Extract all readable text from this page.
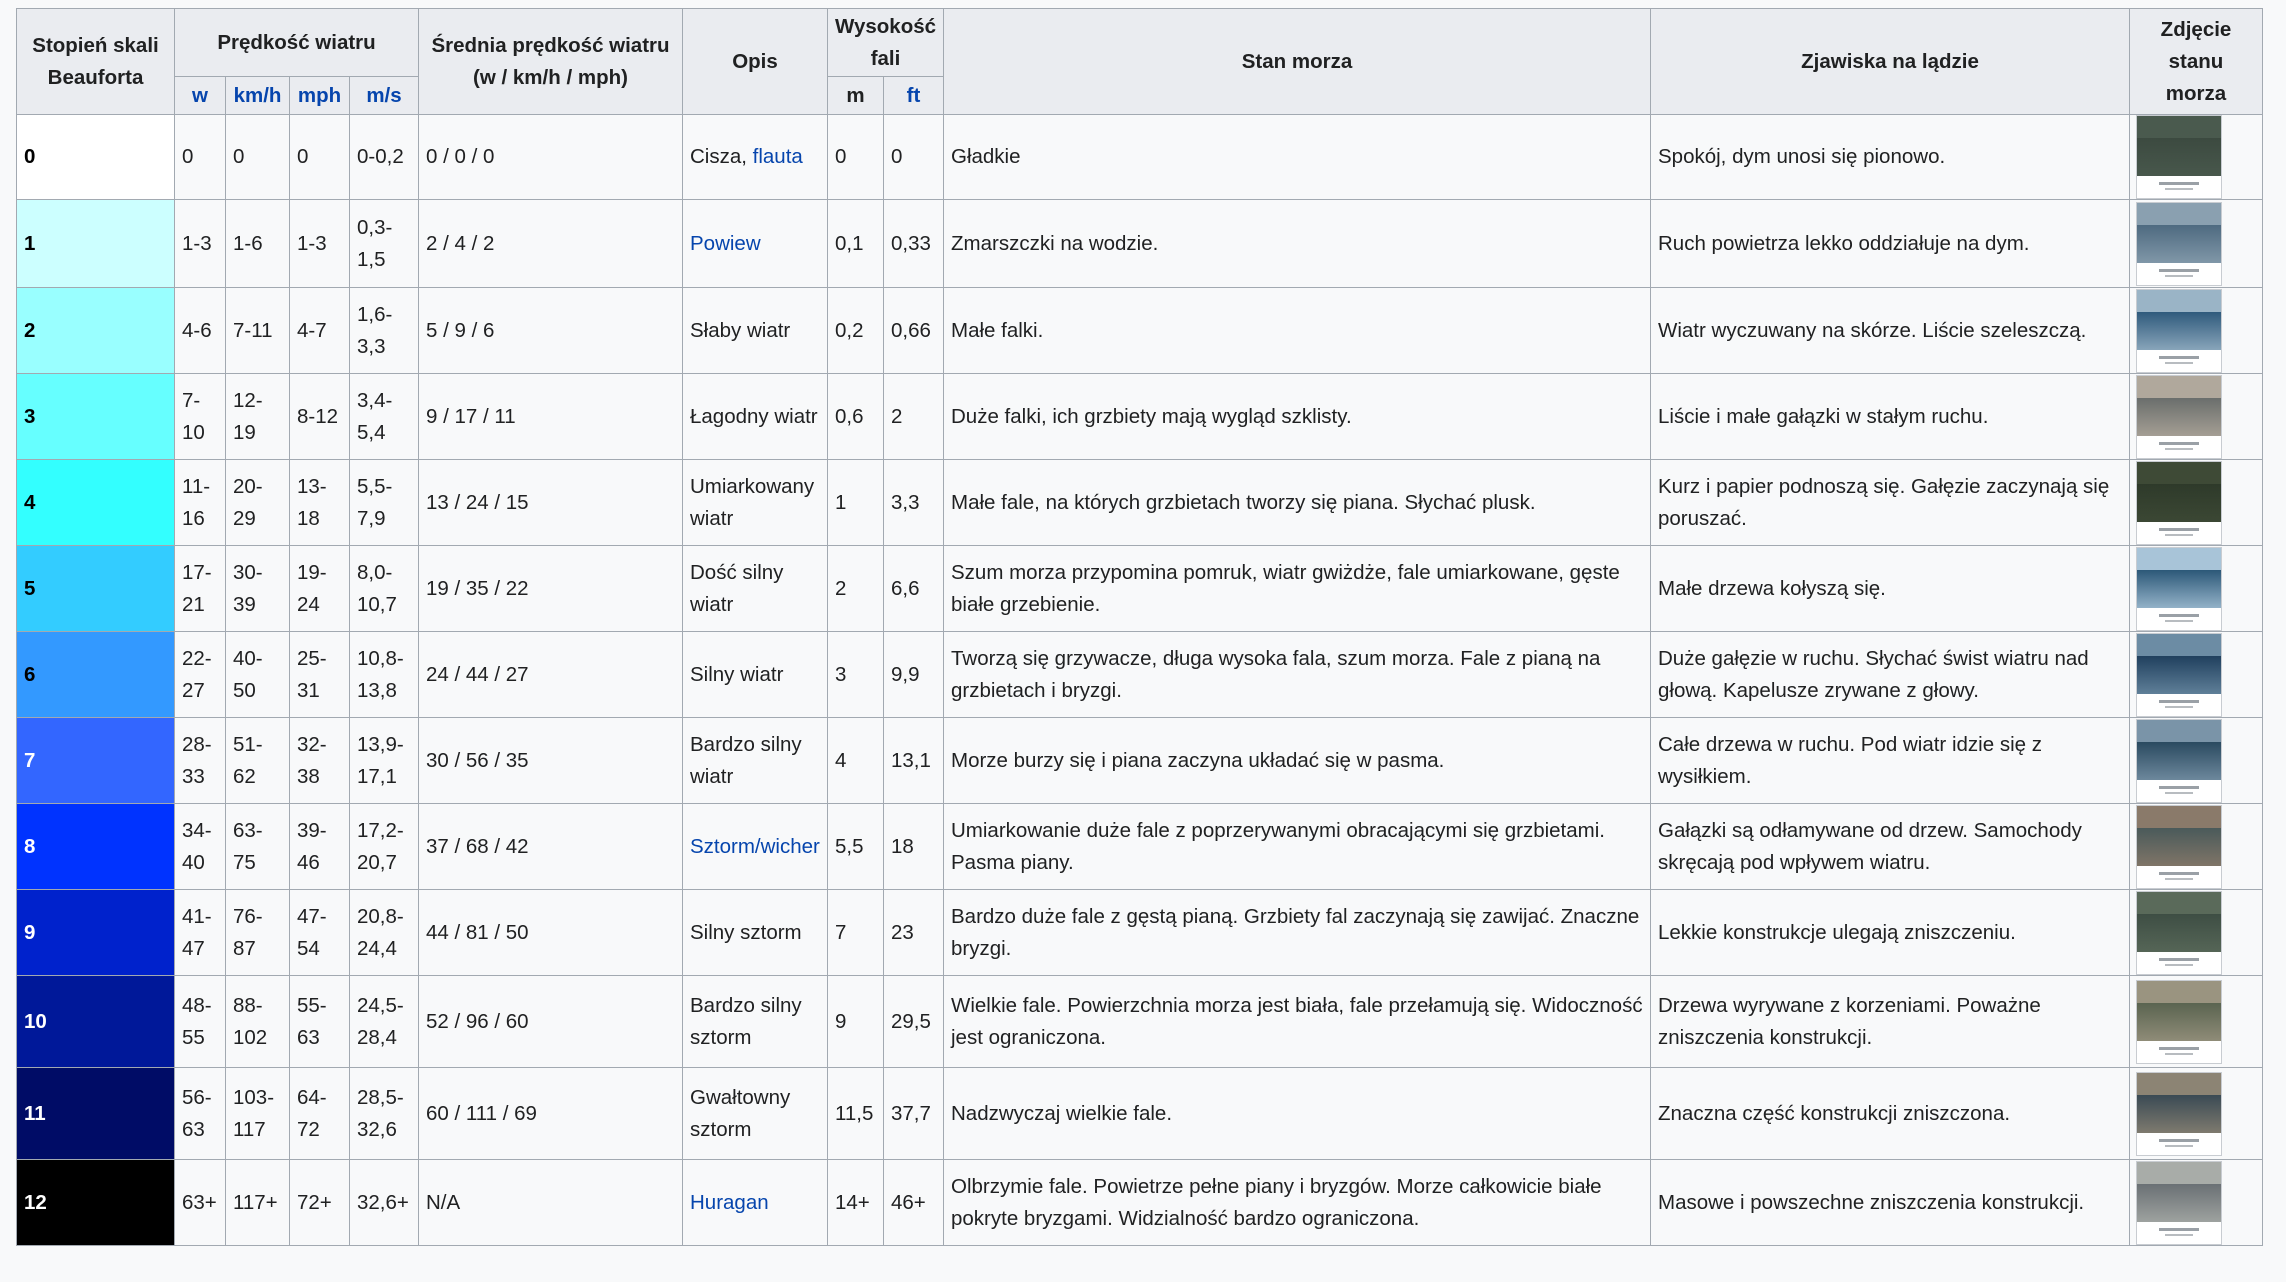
Stopień skali Beauforta	Prędkość wiatru				Średnia prędkość wiatru (w / km/h / mph)	Opis	Wysokość fali		Stan morza	Zjawiska na lądzie	Zdjęcie stanu morza
	w	km/h	mph	m/s			m	ft			
0	0	0	0	0-0,2	0 / 0 / 0	Cisza, flauta	0	0	Gładkie	Spokój, dym unosi się pionowo.	

1	1-3	1-6	1-3	0,3-1,5	2 / 4 / 2	Powiew	0,1	0,33	Zmarszczki na wodzie.	Ruch powietrza lekko oddziałuje na dym.	

2	4-6	7-11	4-7	1,6-3,3	5 / 9 / 6	Słaby wiatr	0,2	0,66	Małe falki.	Wiatr wyczuwany na skórze. Liście szeleszczą.	

3	7-10	12-19	8-12	3,4-5,4	9 / 17 / 11	Łagodny wiatr	0,6	2	Duże falki, ich grzbiety mają wygląd szklisty.	Liście i małe gałązki w stałym ruchu.	

4	11-16	20-29	13-18	5,5-7,9	13 / 24 / 15	Umiarkowany wiatr	1	3,3	Małe fale, na których grzbietach tworzy się piana. Słychać plusk.	Kurz i papier podnoszą się. Gałęzie zaczynają się poruszać.	

5	17-21	30-39	19-24	8,0-10,7	19 / 35 / 22	Dość silny wiatr	2	6,6	Szum morza przypomina pomruk, wiatr gwiżdże, fale umiarkowane, gęste białe grzebienie.	Małe drzewa kołyszą się.	

6	22-27	40-50	25-31	10,8-13,8	24 / 44 / 27	Silny wiatr	3	9,9	Tworzą się grzywacze, długa wysoka fala, szum morza. Fale z pianą na grzbietach i bryzgi.	Duże gałęzie w ruchu. Słychać świst wiatru nad głową. Kapelusze zrywane z głowy.	

7	28-33	51-62	32-38	13,9-17,1	30 / 56 / 35	Bardzo silny wiatr	4	13,1	Morze burzy się i piana zaczyna układać się w pasma.	Całe drzewa w ruchu. Pod wiatr idzie się z wysiłkiem.	

8	34-40	63-75	39-46	17,2-20,7	37 / 68 / 42	Sztorm/wicher	5,5	18	Umiarkowanie duże fale z poprzerywanymi obracającymi się grzbietami. Pasma piany.	Gałązki są odłamywane od drzew. Samochody skręcają pod wpływem wiatru.	

9	41-47	76-87	47-54	20,8-24,4	44 / 81 / 50	Silny sztorm	7	23	Bardzo duże fale z gęstą pianą. Grzbiety fal zaczynają się zawijać. Znaczne bryzgi.	Lekkie konstrukcje ulegają zniszczeniu.	

10	48-55	88-102	55-63	24,5-28,4	52 / 96 / 60	Bardzo silny sztorm	9	29,5	Wielkie fale. Powierzchnia morza jest biała, fale przełamują się. Widoczność jest ograniczona.	Drzewa wyrywane z korzeniami. Poważne zniszczenia konstrukcji.	

11	56-63	103-117	64-72	28,5-32,6	60 / 111 / 69	Gwałtowny sztorm	11,5	37,7	Nadzwyczaj wielkie fale.	Znaczna część konstrukcji zniszczona.	

12	63+	117+	72+	32,6+	N/A	Huragan	14+	46+	Olbrzymie fale. Powietrze pełne piany i bryzgów. Morze całkowicie białe pokryte bryzgami. Widzialność bardzo ograniczona.	Masowe i powszechne zniszczenia konstrukcji.	
